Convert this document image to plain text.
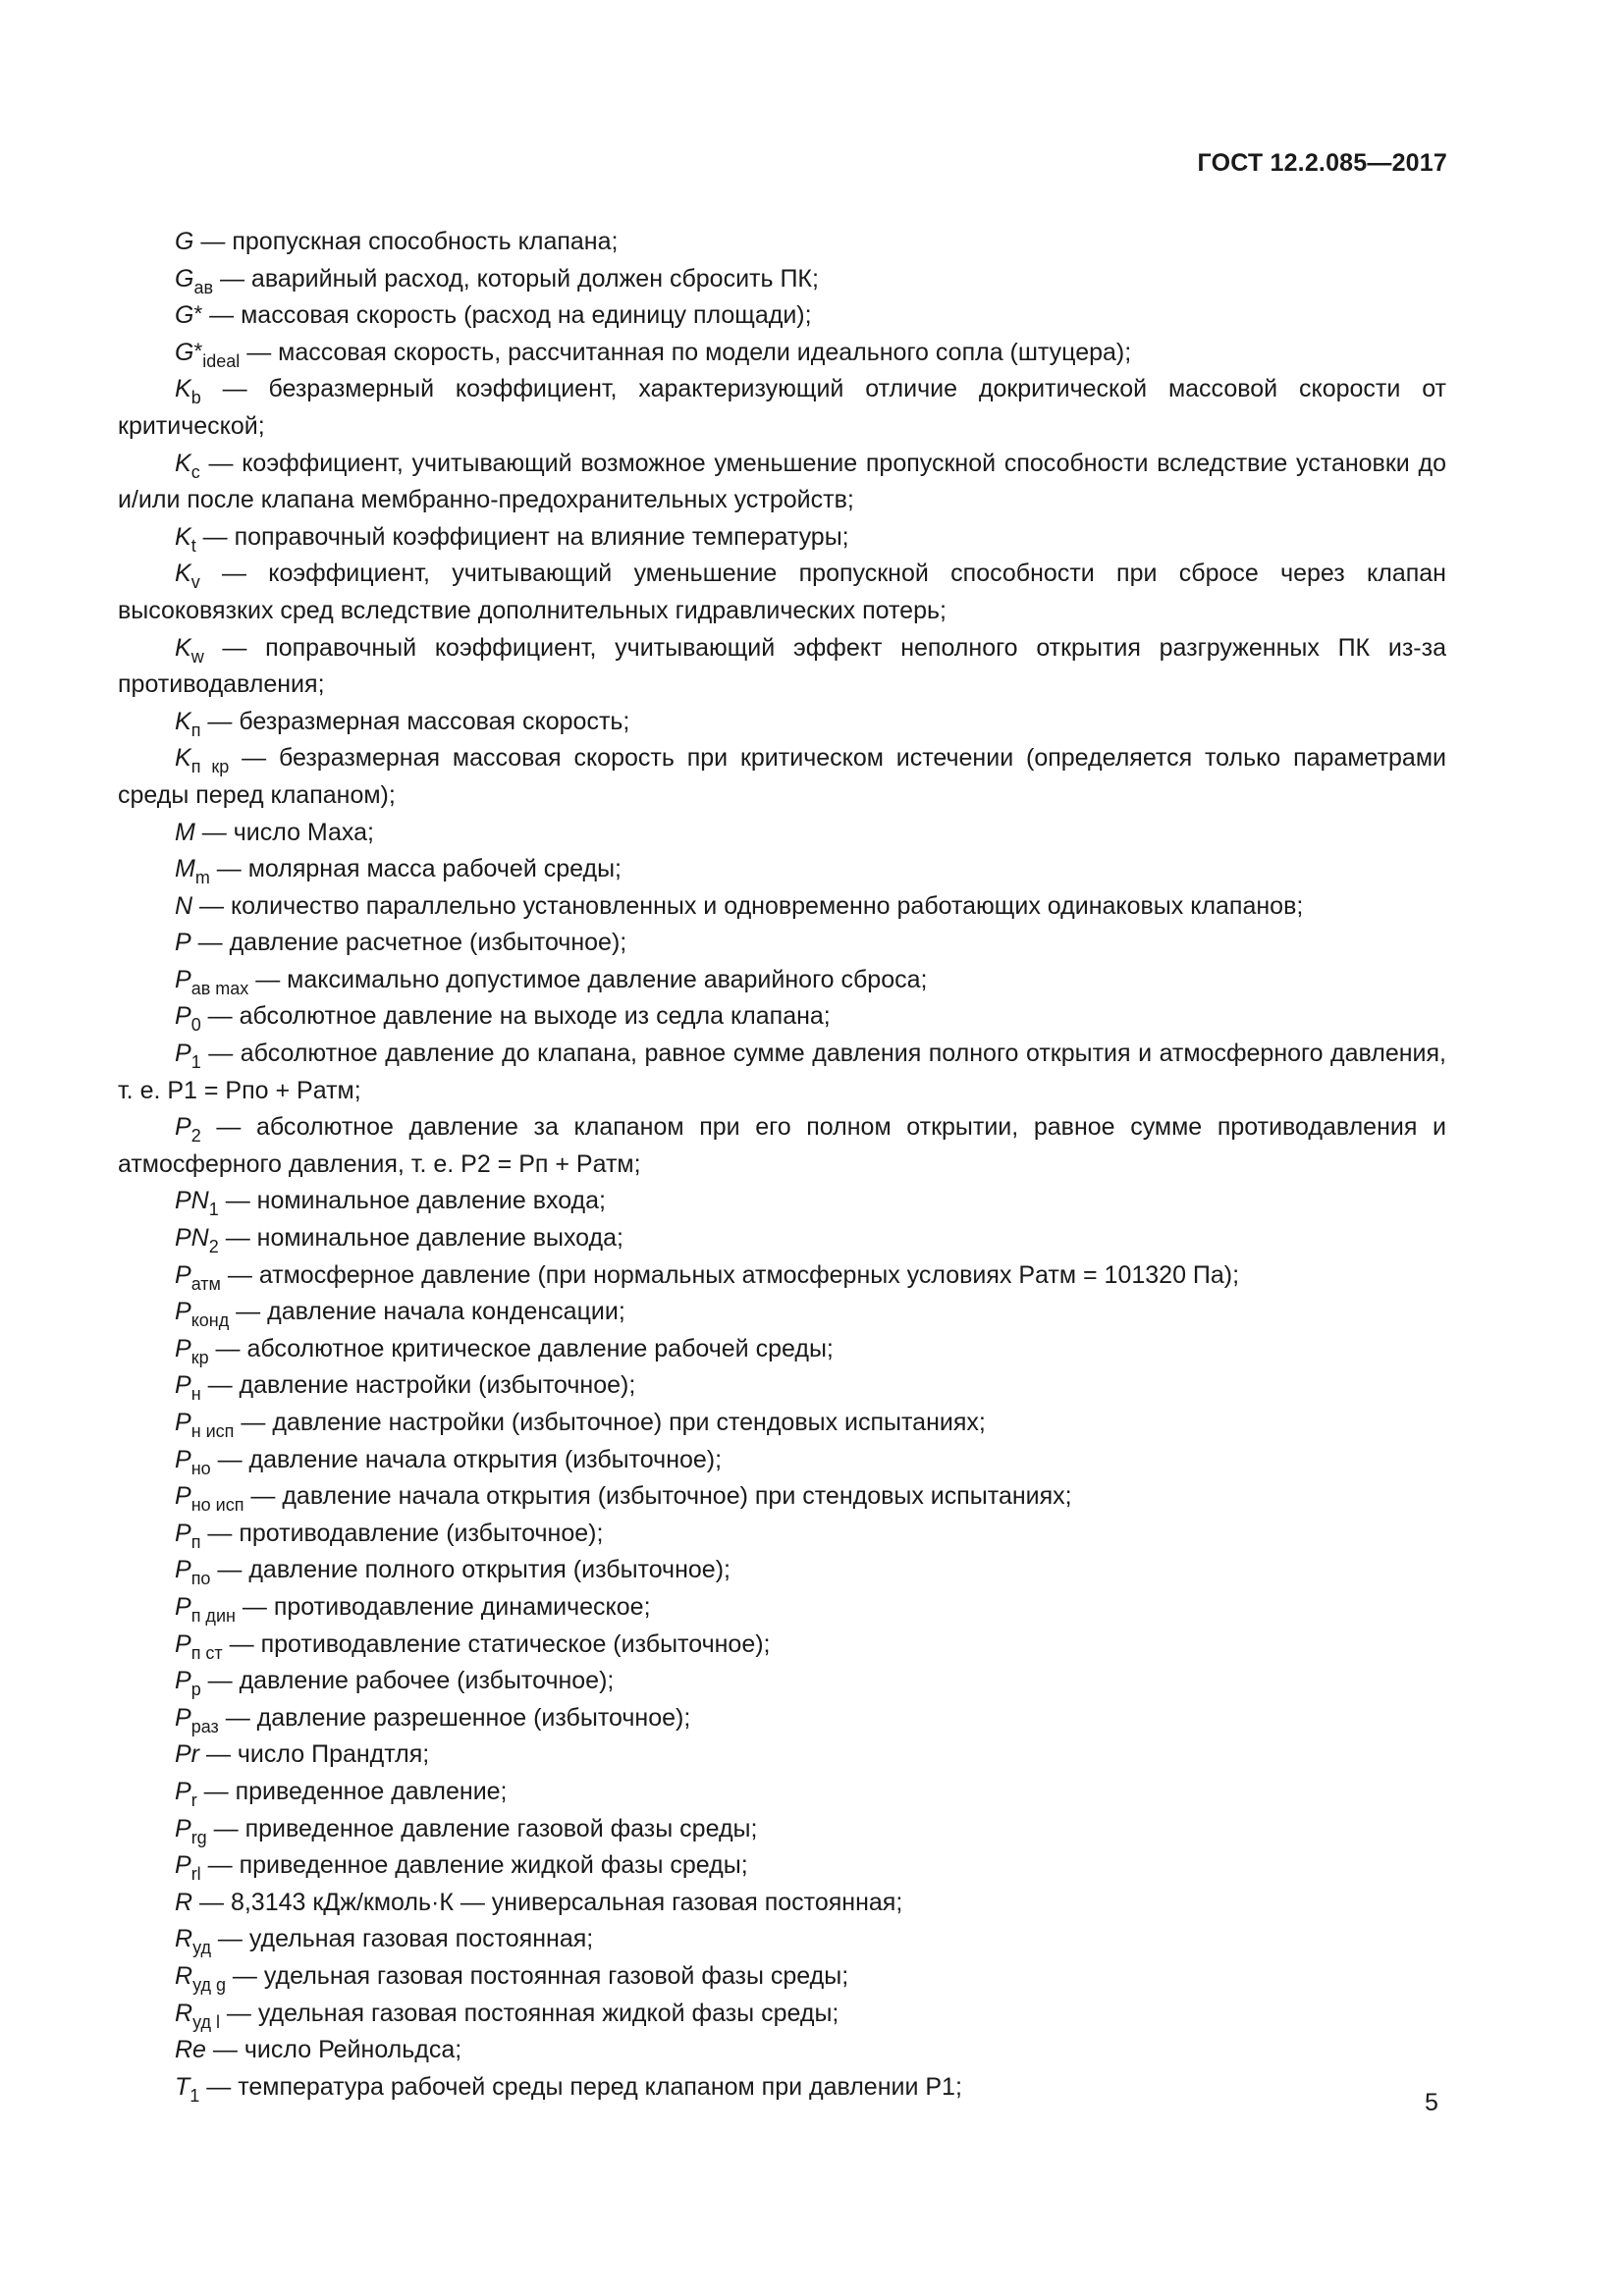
ГОСТ 12.2.085—2017

G — пропускная способность клапана;

$G_{ав}$ — аварийный расход, который должен сбросить ПК;

G* — массовая скорость (расход на единицу площади);

$G*_{ideal}$ — массовая скорость, рассчитанная по модели идеального сопла (штуцера);

$K_b$ — безразмерный коэффициент, характеризующий отличие докритической массовой скорости от критической;

$K_c$ — коэффициент, учитывающий возможное уменьшение пропускной способности вследствие установки до и/или после клапана мембранно-предохранительных устройств;

$K_t$ — поправочный коэффициент на влияние температуры;

$K_v$ — коэффициент, учитывающий уменьшение пропускной способности при сбросе через клапан высоковязких сред вследствие дополнительных гидравлических потерь;

$K_w$ — поправочный коэффициент, учитывающий эффект неполного открытия разгруженных ПК из-за противодавления;

$K_п$ — безразмерная массовая скорость;

$K_{п кр}$ — безразмерная массовая скорость при критическом истечении (определяется только параметрами среды перед клапаном);

M — число Маха;

$M_m$ — молярная масса рабочей среды;

N — количество параллельно установленных и одновременно работающих одинаковых клапанов;

P — давление расчетное (избыточное);

$P_{ав max}$ — максимально допустимое давление аварийного сброса;

$P_0$ — абсолютное давление на выходе из седла клапана;

$P_1$ — абсолютное давление до клапана, равное сумме давления полного открытия и атмосферного давления, т. е. P1 = Pпо + Pатм;

$P_2$ — абсолютное давление за клапаном при его полном открытии, равное сумме противодавления и атмосферного давления, т. е. P2 = Pп + Pатм;

$PN_1$ — номинальное давление входа;

$PN_2$ — номинальное давление выхода;

$P_{атм}$ — атмосферное давление (при нормальных атмосферных условиях Pатм = 101320 Па);

$P_{конд}$ — давление начала конденсации;

$P_{кр}$ — абсолютное критическое давление рабочей среды;

$P_н$ — давление настройки (избыточное);

$P_{н исп}$ — давление настройки (избыточное) при стендовых испытаниях;

$P_{но}$ — давление начала открытия (избыточное);

$P_{но исп}$ — давление начала открытия (избыточное) при стендовых испытаниях;

$P_п$ — противодавление (избыточное);

$P_{по}$ — давление полного открытия (избыточное);

$P_{п дин}$ — противодавление динамическое;

$P_{п ст}$ — противодавление статическое (избыточное);

$P_р$ — давление рабочее (избыточное);

$P_{раз}$ — давление разрешенное (избыточное);

Pr — число Прандтля;

$P_r$ — приведенное давление;

$P_{rg}$ — приведенное давление газовой фазы среды;

$P_{rl}$ — приведенное давление жидкой фазы среды;

R — 8,3143 кДж/кмоль·К — универсальная газовая постоянная;

$R_{уд}$ — удельная газовая постоянная;

$R_{уд g}$ — удельная газовая постоянная газовой фазы среды;

$R_{уд l}$ — удельная газовая постоянная жидкой фазы среды;

Re — число Рейнольдса;

$T_1$ — температура рабочей среды перед клапаном при давлении P1;

5
